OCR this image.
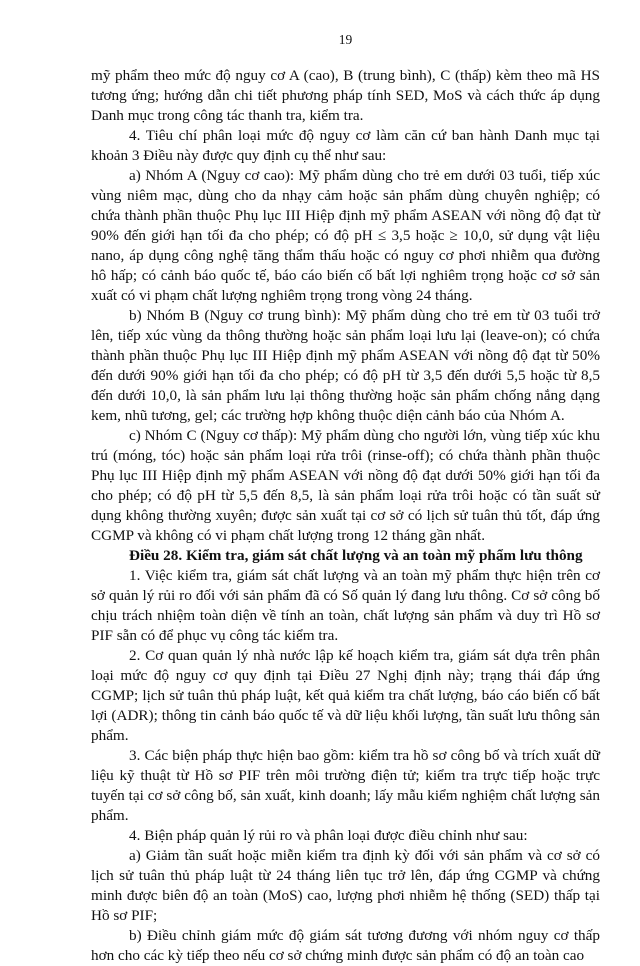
19

mỹ phẩm theo mức độ nguy cơ A (cao), B (trung bình), C (thấp) kèm theo mã HS tương ứng; hướng dẫn chi tiết phương pháp tính SED, MoS và cách thức áp dụng Danh mục trong công tác thanh tra, kiểm tra.

4. Tiêu chí phân loại mức độ nguy cơ làm căn cứ ban hành Danh mục tại khoản 3 Điều này được quy định cụ thể như sau:

a) Nhóm A (Nguy cơ cao): Mỹ phẩm dùng cho trẻ em dưới 03 tuổi, tiếp xúc vùng niêm mạc, dùng cho da nhạy cảm hoặc sản phẩm dùng chuyên nghiệp; có chứa thành phần thuộc Phụ lục III Hiệp định mỹ phẩm ASEAN với nồng độ đạt từ 90% đến giới hạn tối đa cho phép; có độ pH ≤ 3,5 hoặc ≥ 10,0, sử dụng vật liệu nano, áp dụng công nghệ tăng thẩm thấu hoặc có nguy cơ phơi nhiễm qua đường hô hấp; có cảnh báo quốc tế, báo cáo biến cố bất lợi nghiêm trọng hoặc cơ sở sản xuất có vi phạm chất lượng nghiêm trọng trong vòng 24 tháng.

b) Nhóm B (Nguy cơ trung bình): Mỹ phẩm dùng cho trẻ em từ 03 tuổi trở lên, tiếp xúc vùng da thông thường hoặc sản phẩm loại lưu lại (leave-on); có chứa thành phần thuộc Phụ lục III Hiệp định mỹ phẩm ASEAN với nồng độ đạt từ 50% đến dưới 90% giới hạn tối đa cho phép; có độ pH từ 3,5 đến dưới 5,5 hoặc từ 8,5 đến dưới 10,0, là sản phẩm lưu lại thông thường hoặc sản phẩm chống nắng dạng kem, nhũ tương, gel; các trường hợp không thuộc diện cảnh báo của Nhóm A.

c) Nhóm C (Nguy cơ thấp): Mỹ phẩm dùng cho người lớn, vùng tiếp xúc khu trú (móng, tóc) hoặc sản phẩm loại rửa trôi (rinse-off); có chứa thành phần thuộc Phụ lục III Hiệp định mỹ phẩm ASEAN với nồng độ đạt dưới 50% giới hạn tối đa cho phép; có độ pH từ 5,5 đến 8,5, là sản phẩm loại rửa trôi hoặc có tần suất sử dụng không thường xuyên; được sản xuất tại cơ sở có lịch sử tuân thủ tốt, đáp ứng CGMP và không có vi phạm chất lượng trong 12 tháng gần nhất.

Điều 28. Kiểm tra, giám sát chất lượng và an toàn mỹ phẩm lưu thông

1. Việc kiểm tra, giám sát chất lượng và an toàn mỹ phẩm thực hiện trên cơ sở quản lý rủi ro đối với sản phẩm đã có Số quản lý đang lưu thông. Cơ sở công bố chịu trách nhiệm toàn diện về tính an toàn, chất lượng sản phẩm và duy trì Hồ sơ PIF sẵn có để phục vụ công tác kiểm tra.

2. Cơ quan quản lý nhà nước lập kế hoạch kiểm tra, giám sát dựa trên phân loại mức độ nguy cơ quy định tại Điều 27 Nghị định này; trạng thái đáp ứng CGMP; lịch sử tuân thủ pháp luật, kết quả kiểm tra chất lượng, báo cáo biến cố bất lợi (ADR); thông tin cảnh báo quốc tế và dữ liệu khối lượng, tần suất lưu thông sản phẩm.

3. Các biện pháp thực hiện bao gồm: kiểm tra hồ sơ công bố và trích xuất dữ liệu kỹ thuật từ Hồ sơ PIF trên môi trường điện tử; kiểm tra trực tiếp hoặc trực tuyến tại cơ sở công bố, sản xuất, kinh doanh; lấy mẫu kiểm nghiệm chất lượng sản phẩm.

4. Biện pháp quản lý rủi ro và phân loại được điều chỉnh như sau:

a) Giảm tần suất hoặc miễn kiểm tra định kỳ đối với sản phẩm và cơ sở có lịch sử tuân thủ pháp luật từ 24 tháng liên tục trở lên, đáp ứng CGMP và chứng minh được biên độ an toàn (MoS) cao, lượng phơi nhiễm hệ thống (SED) thấp tại Hồ sơ PIF;

b) Điều chỉnh giám mức độ giám sát tương đương với nhóm nguy cơ thấp hơn cho các kỳ tiếp theo nếu cơ sở chứng minh được sản phẩm có độ an toàn cao
